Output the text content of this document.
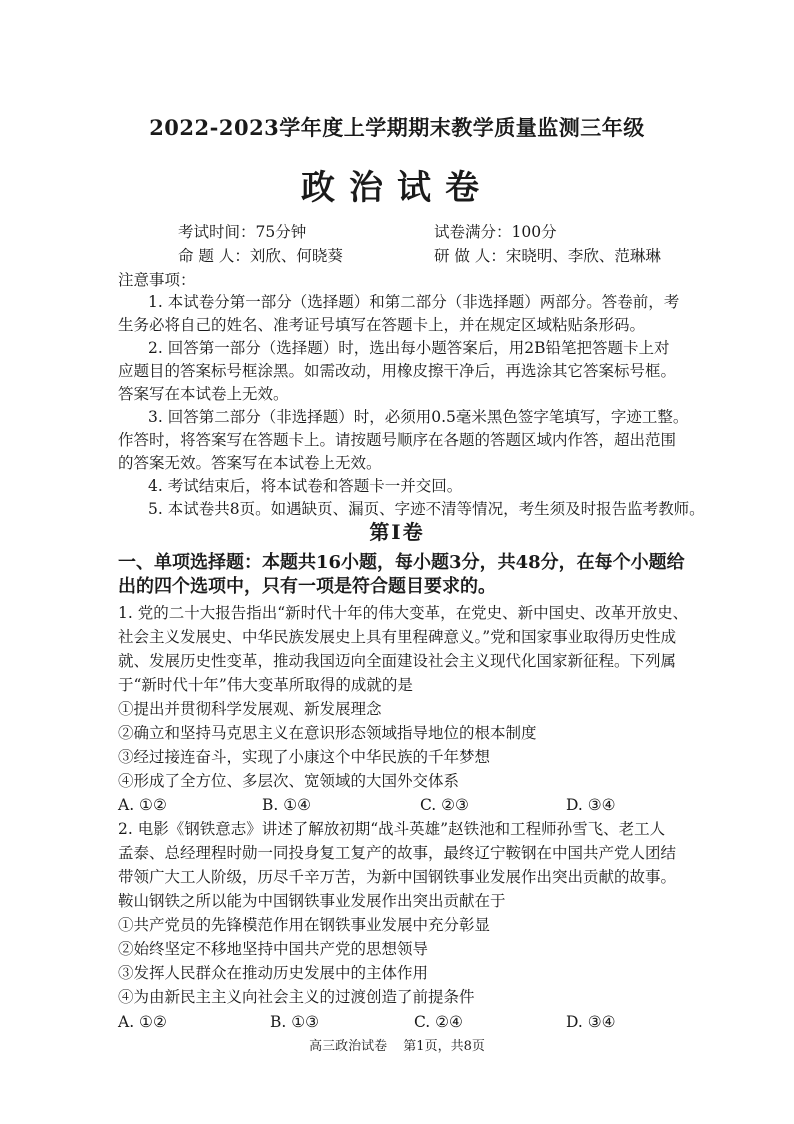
2022-2023学年度上学期期末教学质量监测三年级
政治试卷
考试时间：75分钟	试卷满分：100分
命 题 人：刘欣、何晓葵	研 做 人：宋晓明、李欣、范琳琳
注意事项：
1. 本试卷分第一部分（选择题）和第二部分（非选择题）两部分。答卷前，考
生务必将自己的姓名、准考证号填写在答题卡上，并在规定区域粘贴条形码。
2. 回答第一部分（选择题）时，选出每小题答案后，用2B铅笔把答题卡上对
应题目的答案标号框涂黑。如需改动，用橡皮擦干净后，再选涂其它答案标号框。
答案写在本试卷上无效。
3. 回答第二部分（非选择题）时，必须用0.5毫米黑色签字笔填写，字迹工整。
作答时，将答案写在答题卡上。请按题号顺序在各题的答题区域内作答，超出范围
的答案无效。答案写在本试卷上无效。
4. 考试结束后，将本试卷和答题卡一并交回。
5. 本试卷共8页。如遇缺页、漏页、字迹不清等情况，考生须及时报告监考教师。
第Ⅰ卷
一、单项选择题：本题共16小题，每小题3分，共48分，在每个小题给
出的四个选项中，只有一项是符合题目要求的。
1. 党的二十大报告指出“新时代十年的伟大变革，在党史、新中国史、改革开放史、
社会主义发展史、中华民族发展史上具有里程碑意义。”党和国家事业取得历史性成
就、发展历史性变革，推动我国迈向全面建设社会主义现代化国家新征程。下列属
于“新时代十年”伟大变革所取得的成就的是
①提出并贯彻科学发展观、新发展理念
②确立和坚持马克思主义在意识形态领域指导地位的根本制度
③经过接连奋斗，实现了小康这个中华民族的千年梦想
④形成了全方位、多层次、宽领域的大国外交体系
A. ①②	B. ①④	C. ②③	D. ③④
2. 电影《钢铁意志》讲述了解放初期“战斗英雄”赵铁池和工程师孙雪飞、老工人
孟泰、总经理程时勋一同投身复工复产的故事，最终辽宁鞍钢在中国共产党人团结
带领广大工人阶级，历尽千辛万苦，为新中国钢铁事业发展作出突出贡献的故事。
鞍山钢铁之所以能为中国钢铁事业发展作出突出贡献在于
①共产党员的先锋模范作用在钢铁事业发展中充分彰显
②始终坚定不移地坚持中国共产党的思想领导
③发挥人民群众在推动历史发展中的主体作用
④为由新民主主义向社会主义的过渡创造了前提条件
A. ①②	B. ①③	C. ②④	D. ③④
高三政治试卷 第1页，共8页
